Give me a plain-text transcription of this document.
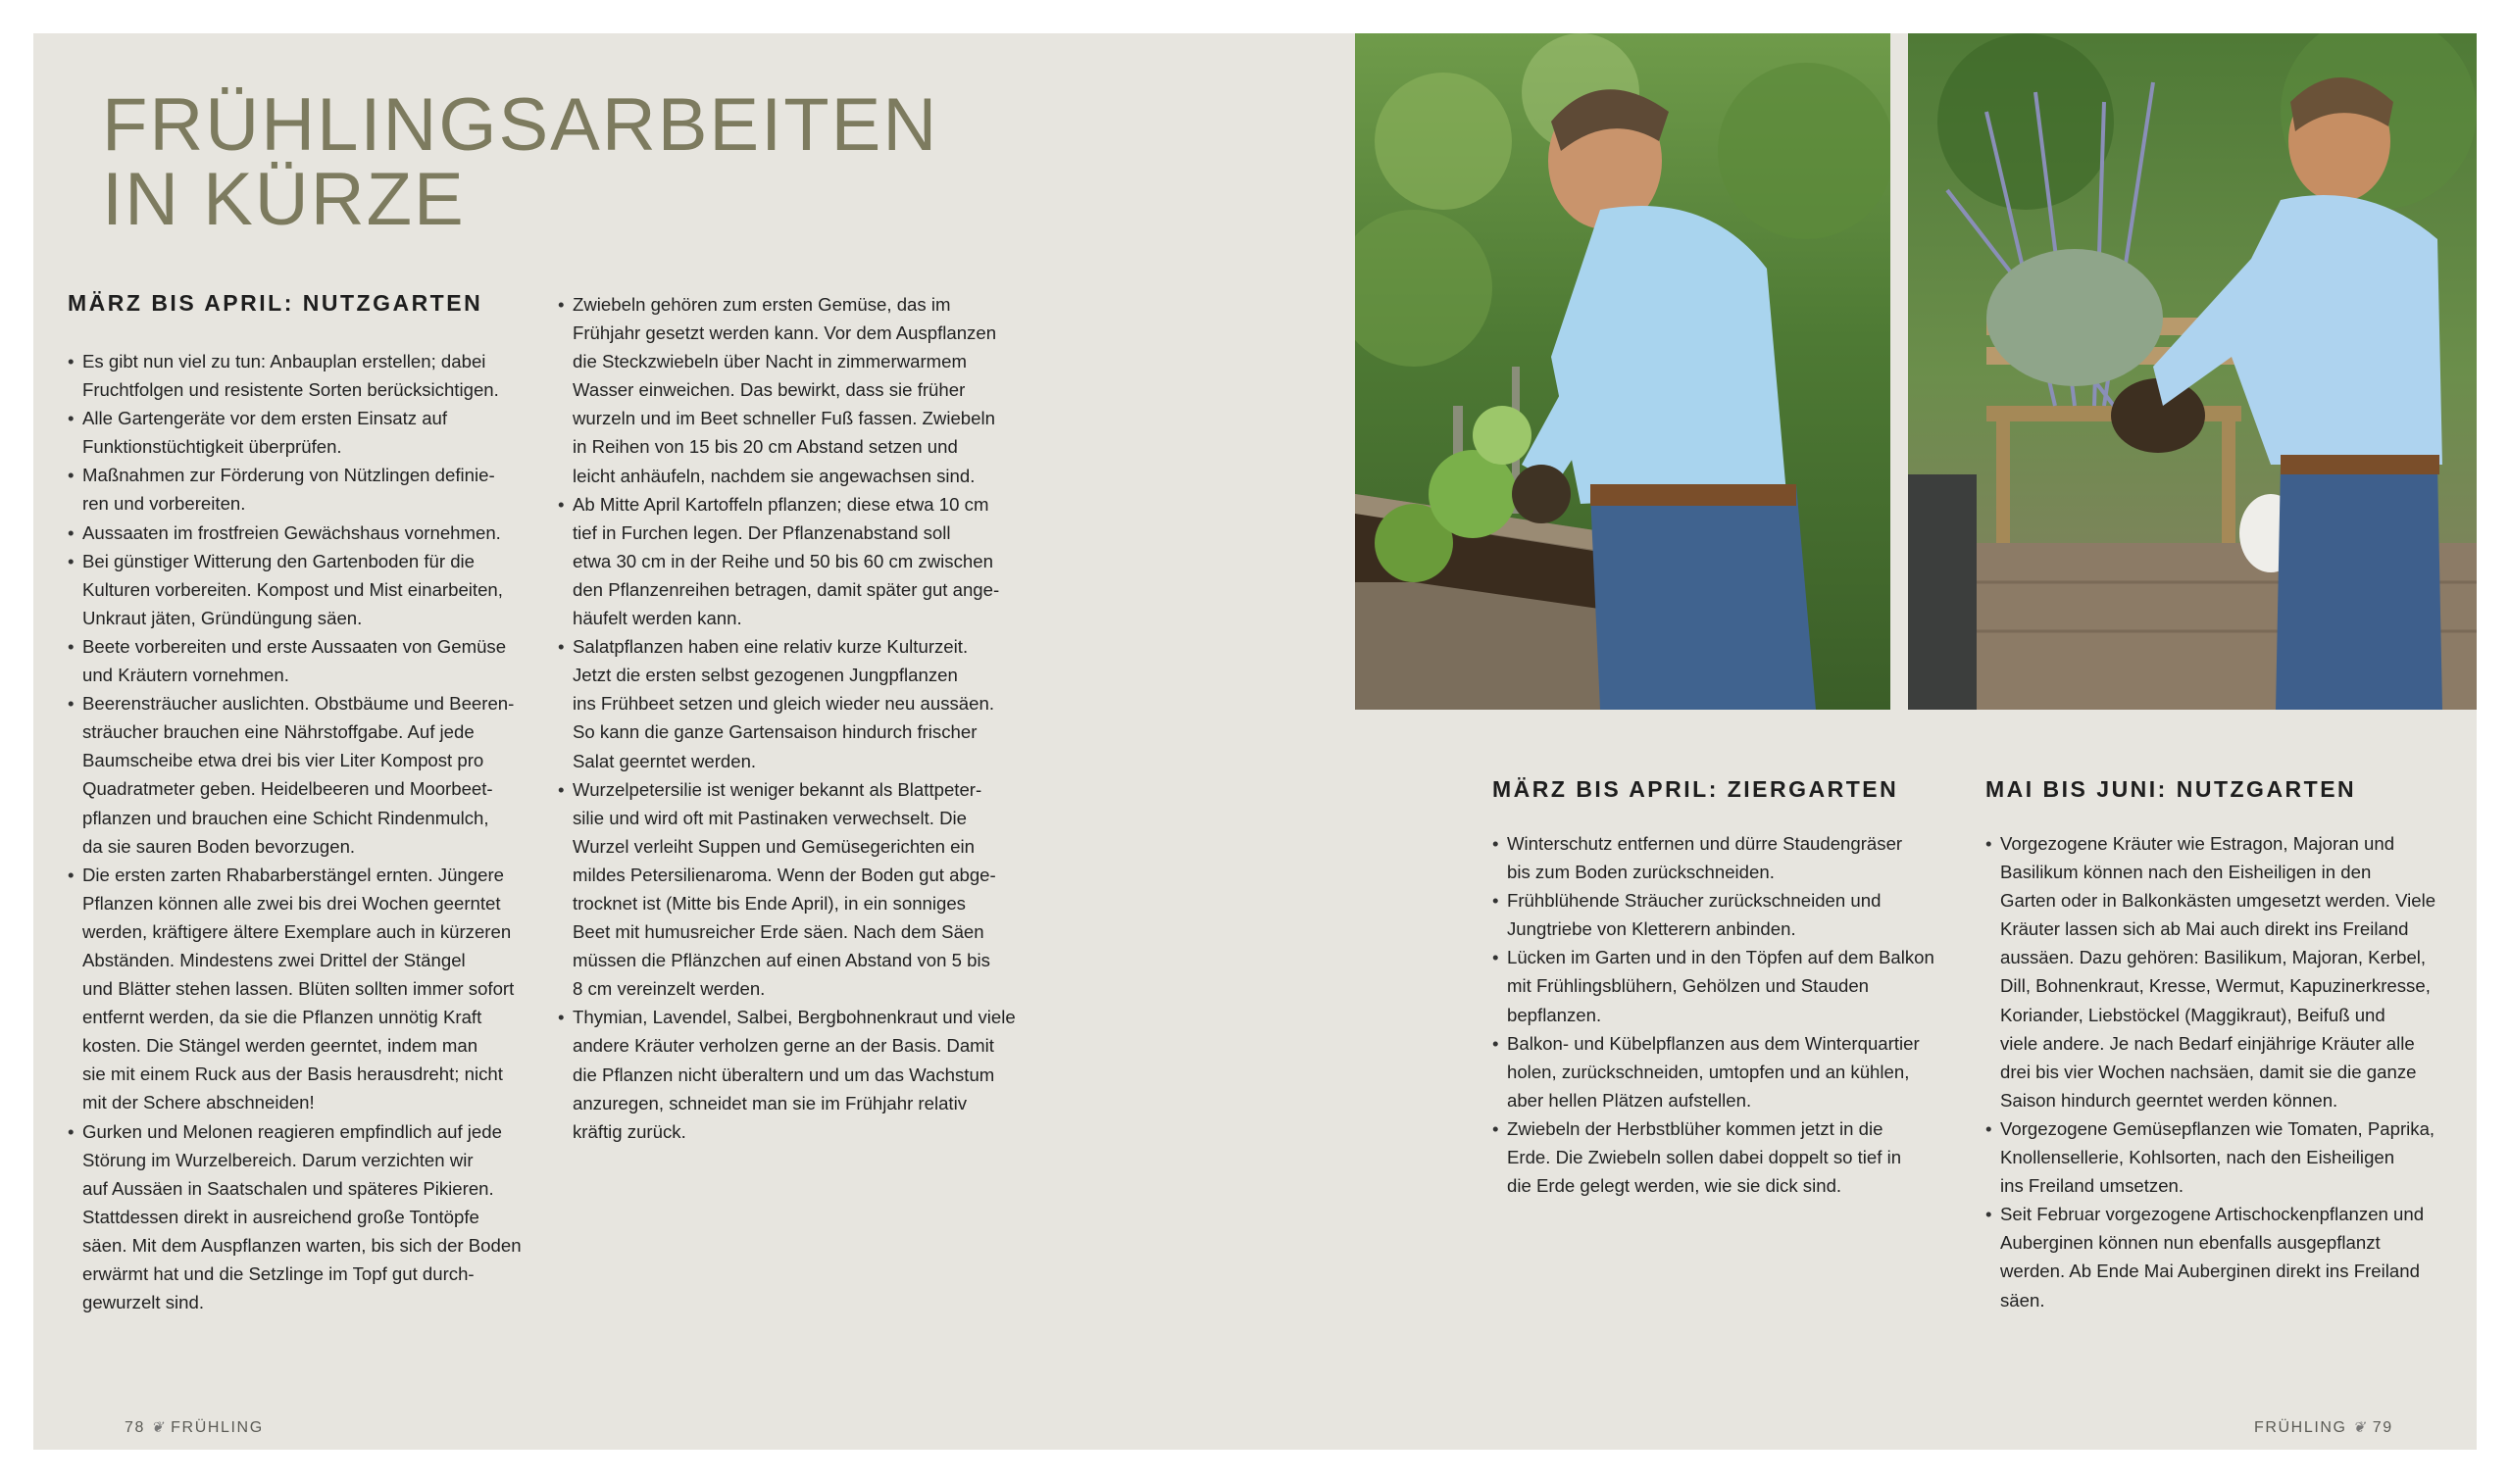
FRÜHLINGSARBEITEN
IN KÜRZE
MÄRZ BIS APRIL: NUTZGARTEN
• Es gibt nun viel zu tun: Anbauplan erstellen; dabei
Fruchtfolgen und resistente Sorten berücksichtigen.
• Alle Gartengeräte vor dem ersten Einsatz auf
Funktionstüchtigkeit überprüfen.
• Maßnahmen zur Förderung von Nützlingen definie-
ren und vorbereiten.
• Aussaaten im frostfreien Gewächshaus vornehmen.
• Bei günstiger Witterung den Gartenboden für die
Kulturen vorbereiten. Kompost und Mist einarbeiten,
Unkraut jäten, Gründüngung säen.
• Beete vorbereiten und erste Aussaaten von Gemüse
und Kräutern vornehmen.
• Beerensträucher auslichten. Obstbäume und Beeren-
sträucher brauchen eine Nährstoffgabe. Auf jede
Baumscheibe etwa drei bis vier Liter Kompost pro
Quadratmeter geben. Heidelbeeren und Moorbeet-
pflanzen und brauchen eine Schicht Rindenmulch,
da sie sauren Boden bevorzugen.
• Die ersten zarten Rhabarberstängel ernten. Jüngere
Pflanzen können alle zwei bis drei Wochen geerntet
werden, kräftigere ältere Exemplare auch in kürzeren
Abständen. Mindestens zwei Drittel der Stängel
und Blätter stehen lassen. Blüten sollten immer sofort
entfernt werden, da sie die Pflanzen unnötig Kraft
kosten. Die Stängel werden geerntet, indem man
sie mit einem Ruck aus der Basis herausdreht; nicht
mit der Schere abschneiden!
• Gurken und Melonen reagieren empfindlich auf jede
Störung im Wurzelbereich. Darum verzichten wir
auf Aussäen in Saatschalen und späteres Pikieren.
Stattdessen direkt in ausreichend große Tontöpfe
säen. Mit dem Auspflanzen warten, bis sich der Boden
erwärmt hat und die Setzlinge im Topf gut durch-
gewurzelt sind.
• Zwiebeln gehören zum ersten Gemüse, das im
Frühjahr gesetzt werden kann. Vor dem Auspflanzen
die Steckzwiebeln über Nacht in zimmerwarmem
Wasser einweichen. Das bewirkt, dass sie früher
wurzeln und im Beet schneller Fuß fassen. Zwiebeln
in Reihen von 15 bis 20 cm Abstand setzen und
leicht anhäufeln, nachdem sie angewachsen sind.
• Ab Mitte April Kartoffeln pflanzen; diese etwa 10 cm
tief in Furchen legen. Der Pflanzenabstand soll
etwa 30 cm in der Reihe und 50 bis 60 cm zwischen
den Pflanzenreihen betragen, damit später gut ange-
häufelt werden kann.
• Salatpflanzen haben eine relativ kurze Kulturzeit.
Jetzt die ersten selbst gezogenen Jungpflanzen
ins Frühbeet setzen und gleich wieder neu aussäen.
So kann die ganze Gartensaison hindurch frischer
Salat geerntet werden.
• Wurzelpetersilie ist weniger bekannt als Blattpeter-
silie und wird oft mit Pastinaken verwechselt. Die
Wurzel verleiht Suppen und Gemüsegerichten ein
mildes Petersilienaroma. Wenn der Boden gut abge-
trocknet ist (Mitte bis Ende April), in ein sonniges
Beet mit humusreicher Erde säen. Nach dem Säen
müssen die Pflänzchen auf einen Abstand von 5 bis
8 cm vereinzelt werden.
• Thymian, Lavendel, Salbei, Bergbohnenkraut und viele
andere Kräuter verholzen gerne an der Basis. Damit
die Pflanzen nicht überaltern und um das Wachstum
anzuregen, schneidet man sie im Frühjahr relativ
kräftig zurück.
MÄRZ BIS APRIL: ZIERGARTEN
• Winterschutz entfernen und dürre Staudengräser
bis zum Boden zurückschneiden.
• Frühblühende Sträucher zurückschneiden und
Jungtriebe von Kletterern anbinden.
• Lücken im Garten und in den Töpfen auf dem Balkon
mit Frühlingsblühern, Gehölzen und Stauden
bepflanzen.
• Balkon- und Kübelpflanzen aus dem Winterquartier
holen, zurückschneiden, umtopfen und an kühlen,
aber hellen Plätzen aufstellen.
• Zwiebeln der Herbstblüher kommen jetzt in die
Erde. Die Zwiebeln sollen dabei doppelt so tief in
die Erde gelegt werden, wie sie dick sind.
MAI BIS JUNI: NUTZGARTEN
• Vorgezogene Kräuter wie Estragon, Majoran und
Basilikum können nach den Eisheiligen in den
Garten oder in Balkonkästen umgesetzt werden. Viele
Kräuter lassen sich ab Mai auch direkt ins Freiland
aussäen. Dazu gehören: Basilikum, Majoran, Kerbel,
Dill, Bohnenkraut, Kresse, Wermut, Kapuzinerkresse,
Koriander, Liebstöckel (Maggikraut), Beifuß und
viele andere. Je nach Bedarf einjährige Kräuter alle
drei bis vier Wochen nachsäen, damit sie die ganze
Saison hindurch geerntet werden können.
• Vorgezogene Gemüsepflanzen wie Tomaten, Paprika,
Knollensellerie, Kohlsorten, nach den Eisheiligen
ins Freiland umsetzen.
• Seit Februar vorgezogene Artischockenpflanzen und
Auberginen können nun ebenfalls ausgepflanzt
werden. Ab Ende Mai Auberginen direkt ins Freiland
säen.
78 ❦ FRÜHLING	FRÜHLING ❦ 79
